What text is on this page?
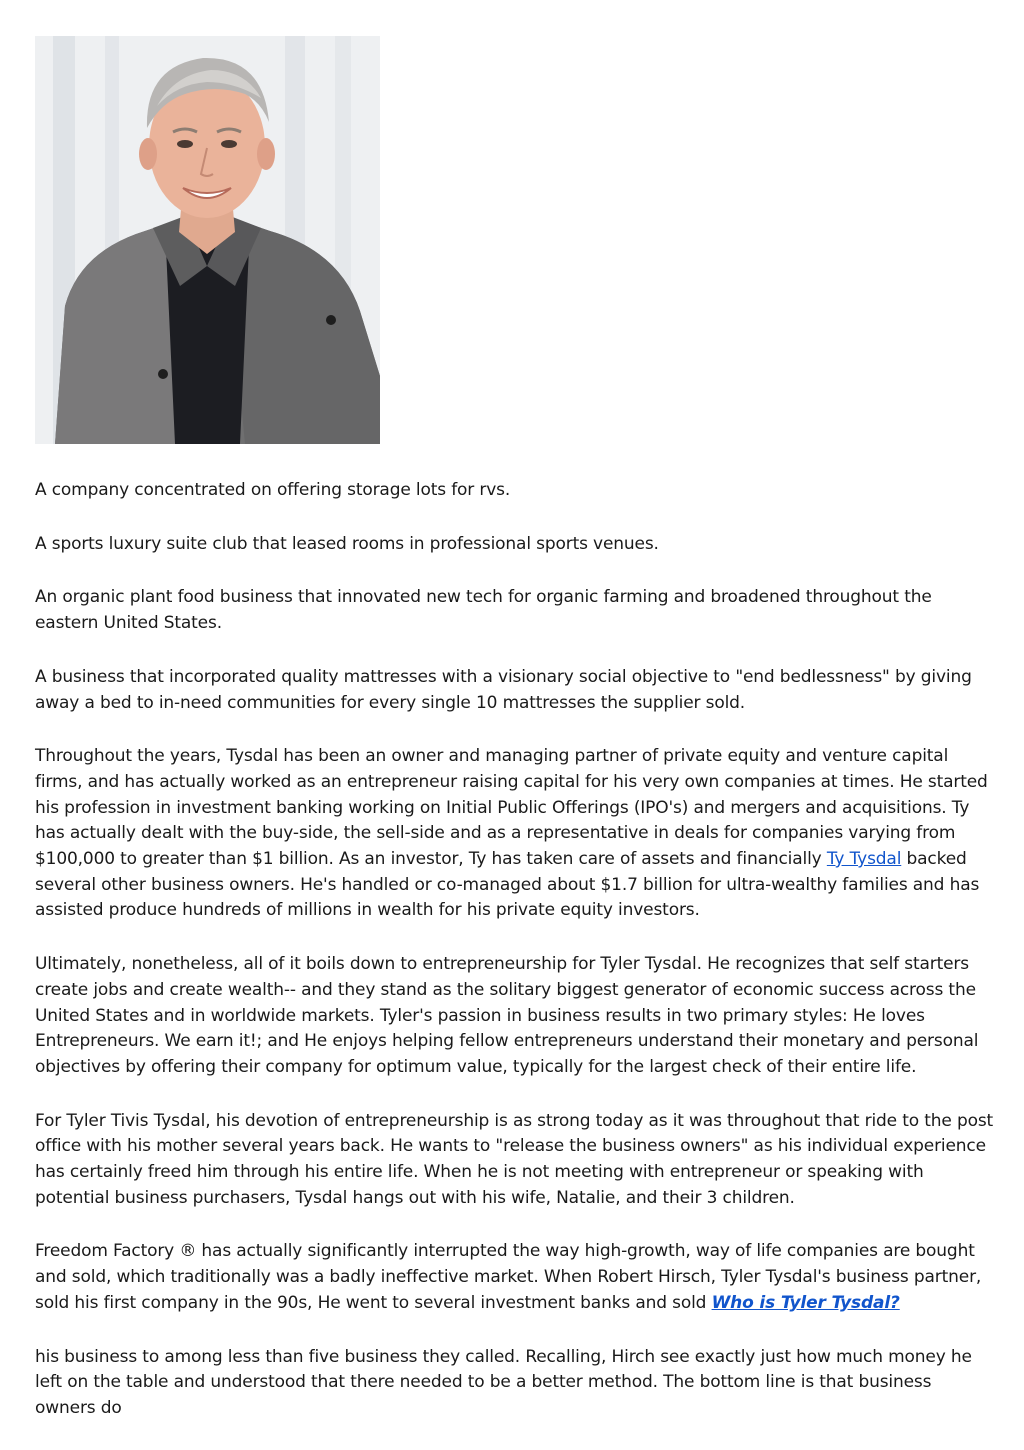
A company concentrated on offering storage lots for rvs.

A sports luxury suite club that leased rooms in professional sports venues.

An organic plant food business that innovated new tech for organic farming and broadened throughout the eastern United States.

A business that incorporated quality mattresses with a visionary social objective to "end bedlessness" by giving away a bed to in-need communities for every single 10 mattresses the supplier sold.

Throughout the years, Tysdal has been an owner and managing partner of private equity and venture capital firms, and has actually worked as an entrepreneur raising capital for his very own companies at times. He started his profession in investment banking working on Initial Public Offerings (IPO's) and mergers and acquisitions. Ty has actually dealt with the buy-side, the sell-side and as a representative in deals for companies varying from $100,000 to greater than $1 billion. As an investor, Ty has taken care of assets and financially Ty Tysdal backed several other business owners. He's handled or co-managed about $1.7 billion for ultra-wealthy families and has assisted produce hundreds of millions in wealth for his private equity investors.

Ultimately, nonetheless, all of it boils down to entrepreneurship for Tyler Tysdal. He recognizes that self starters create jobs and create wealth-- and they stand as the solitary biggest generator of economic success across the United States and in worldwide markets. Tyler's passion in business results in two primary styles: He loves Entrepreneurs. We earn it!; and He enjoys helping fellow entrepreneurs understand their monetary and personal objectives by offering their company for optimum value, typically for the largest check of their entire life.

For Tyler Tivis Tysdal, his devotion of entrepreneurship is as strong today as it was throughout that ride to the post office with his mother several years back. He wants to "release the business owners" as his individual experience has certainly freed him through his entire life. When he is not meeting with entrepreneur or speaking with potential business purchasers, Tysdal hangs out with his wife, Natalie, and their 3 children.

Freedom Factory ® has actually significantly interrupted the way high-growth, way of life companies are bought and sold, which traditionally was a badly ineffective market. When Robert Hirsch, Tyler Tysdal's business partner, sold his first company in the 90s, He went to several investment banks and sold Who is Tyler Tysdal?

his business to among less than five business they called. Recalling, Hirch see exactly just how much money he left on the table and understood that there needed to be a better method. The bottom line is that business owners do
